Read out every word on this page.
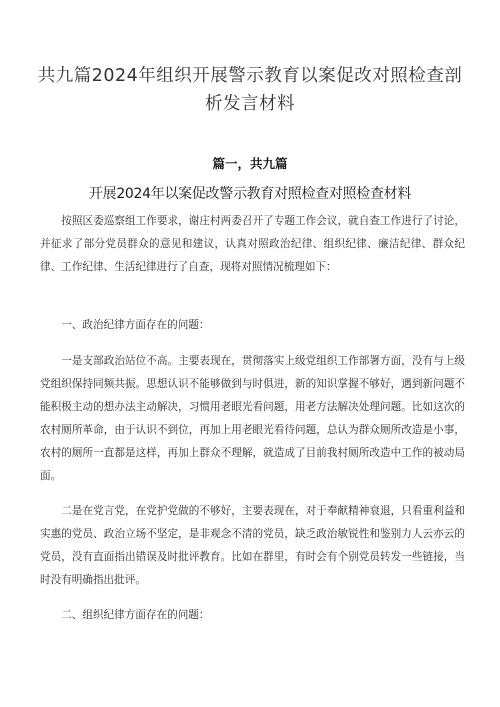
共九篇2024年组织开展警示教育以案促改对照检查剖析发言材料
篇一，共九篇
开展2024年以案促改警示教育对照检查对照检查材料

按照区委巡察组工作要求，谢庄村两委召开了专题工作会议，就自查工作进行了讨论，并征求了部分党员群众的意见和建议，认真对照政治纪律、组织纪律、廉洁纪律、群众纪律、工作纪律、生活纪律进行了自查，现将对照情况梳理如下：

一、政治纪律方面存在的问题：

一是支部政治站位不高。主要表现在，贯彻落实上级党组织工作部署方面，没有与上级党组织保持同频共振。思想认识不能够做到与时俱进，新的知识掌握不够好，遇到新问题不能积极主动的想办法主动解决，习惯用老眼光看问题，用老方法解决处理问题。比如这次的农村厕所革命，由于认识不到位，再加上用老眼光看待问题，总认为群众厕所改造是小事，农村的厕所一直都是这样，再加上群众不理解，就造成了目前我村厕所改造中工作的被动局面。

二是在党言党，在党护党做的不够好，主要表现在，对于奉献精神衰退，只看重利益和实惠的党员、政治立场不坚定，是非观念不清的党员，缺乏政治敏锐性和鉴别力人云亦云的党员，没有直面指出错误及时批评教育。比如在群里，有时会有个别党员转发一些链接，当时没有明确指出批评。

二、组织纪律方面存在的问题：
